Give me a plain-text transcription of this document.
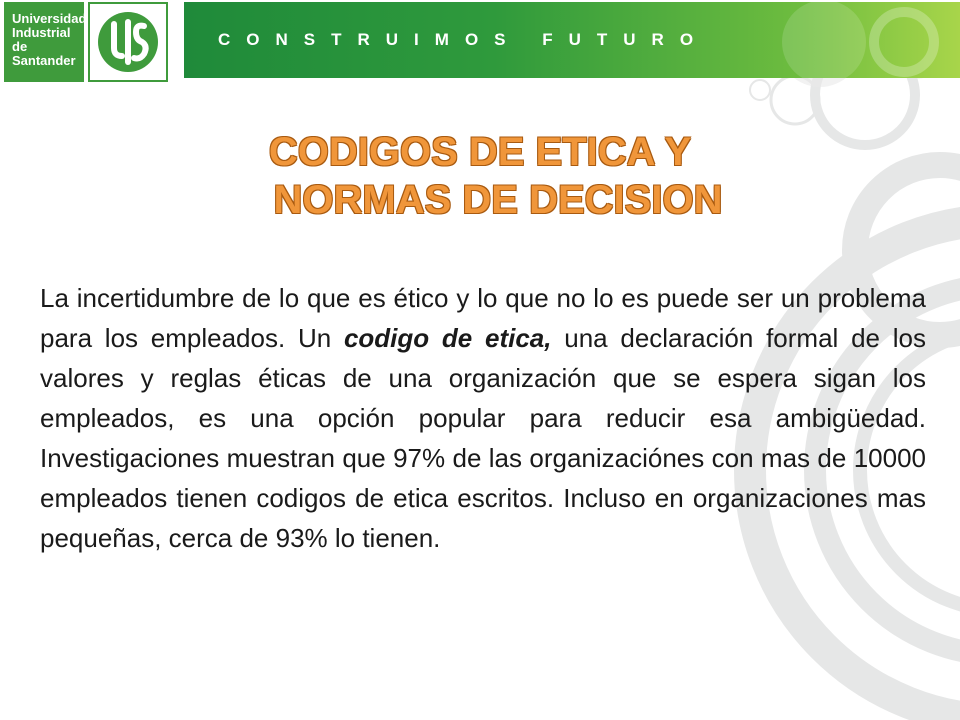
CONSTRUIMOS FUTURO
Universidad
Industrial de
Santander
CODIGOS DE ETICA Y
NORMAS DE DECISION
La incertidumbre de lo que es ético y lo que no lo es puede ser un problema para los empleados. Un codigo de etica, una declaración formal de los valores y reglas éticas de una organización que se espera sigan los empleados, es una opción popular para reducir esa ambigüedad. Investigaciones muestran que 97% de las organizaciónes con mas de 10000 empleados tienen codigos de etica escritos. Incluso en organizaciones mas pequeñas, cerca de 93% lo tienen.
